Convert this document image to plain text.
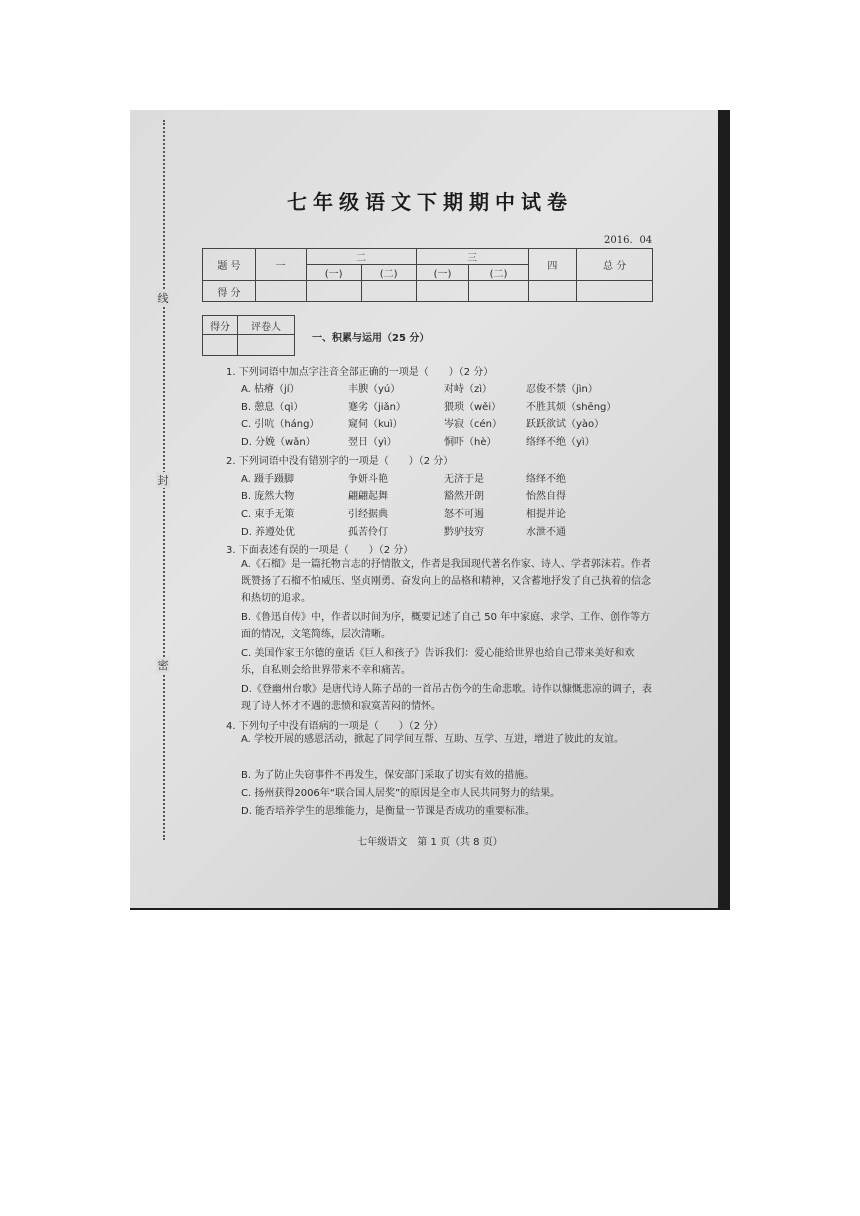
线
封
密
七年级语文下期期中试卷
2016．04
题 号	一	二		三		四	总 分
		(一)	(二)	(一)	(二)		
得 分							
得分	评卷人

一、积累与运用（25 分）
1. 下列词语中加点字注音全部正确的一项是（　　）（2 分）
A. 枯瘠（jí）	丰腴（yú）	对峙（zì）	忍俊不禁（jìn）
B. 憩息（qì）	蹇劣（jiǎn）	猥琐（wěi） 不胜其烦（shēng）
C. 引吭（háng）	窥伺（kuì）	岑寂（cén） 跃跃欲试（yào）
D. 分娩（wǎn）	翌日（yì）	恫吓（hè）	络绎不绝（yì）
2. 下列词语中没有错别字的一项是（　　）（2 分）
A. 蹑手蹑脚	争妍斗艳	无济于是	络绎不绝
B. 庞然大物	翩翩起舞	豁然开朗	怡然自得
C. 束手无策	引经据典	怒不可遏	相提并论
D. 养遵处优	孤苦伶仃	黔驴技穷	水泄不通
3. 下面表述有误的一项是（　　）（2 分）
A.《石榴》是一篇托物言志的抒情散文，作者是我国现代著名作家、诗人、学者郭沫若。作者既赞扬了石榴不怕威压、坚贞刚勇、奋发向上的品格和精神，又含蓄地抒发了自己执着的信念和热切的追求。
B.《鲁迅自传》中，作者以时间为序，概要记述了自己 50 年中家庭、求学、工作、创作等方面的情况，文笔简练，层次清晰。
C. 美国作家王尔德的童话《巨人和孩子》告诉我们：爱心能给世界也给自己带来美好和欢乐，自私则会给世界带来不幸和痛苦。
D.《登幽州台歌》是唐代诗人陈子昂的一首吊古伤今的生命悲歌。诗作以慷慨悲凉的调子，表现了诗人怀才不遇的悲愤和寂寞苦闷的情怀。
4. 下列句子中没有语病的一项是（　　）（2 分）
A. 学校开展的感恩活动，掀起了同学间互帮、互助、互学、互进，增进了彼此的友谊。
B. 为了防止失窃事件不再发生，保安部门采取了切实有效的措施。
C. 扬州获得2006年“联合国人居奖”的原因是全市人民共同努力的结果。
D. 能否培养学生的思维能力，是衡量一节课是否成功的重要标准。
七年级语文　第 1 页（共 8 页）
